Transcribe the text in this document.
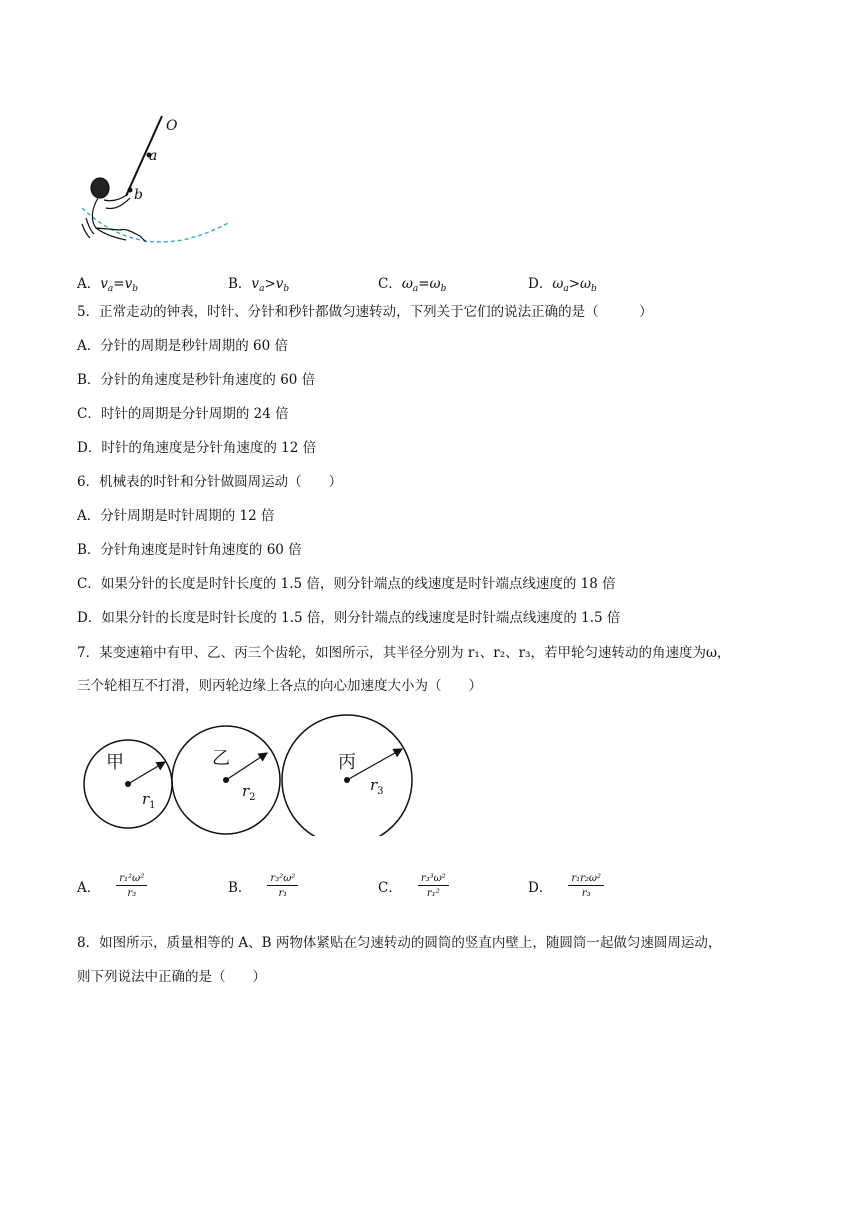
O
a
b
A．$v_a=v_b$	B．$v_a>v_b$	C．$\omega_a=\omega_b$	D．$\omega_a>\omega_b$
5．正常走动的钟表，时针、分针和秒针都做匀速转动，下列关于它们的说法正确的是（　　　）
A．分针的周期是秒针周期的 60 倍
B．分针的角速度是秒针角速度的 60 倍
C．时针的周期是分针周期的 24 倍
D．时针的角速度是分针角速度的 12 倍
6．机械表的时针和分针做圆周运动（　　）
A．分针周期是时针周期的 12 倍
B．分针角速度是时针角速度的 60 倍
C．如果分针的长度是时针长度的 1.5 倍，则分针端点的线速度是时针端点线速度的 18 倍
D．如果分针的长度是时针长度的 1.5 倍，则分针端点的线速度是时针端点线速度的 1.5 倍
7．某变速箱中有甲、乙、丙三个齿轮，如图所示，其半径分别为 r₁、r₂、r₃，若甲轮匀速转动的角速度为ω，
三个轮相互不打滑，则丙轮边缘上各点的向心加速度大小为（　　）
甲
$r_1$
乙
$r_2$
丙
$r_3$
A． $\frac{\text{r₁²ω²}}{\text{r₃}}$	B． $\frac{\text{r₃²ω²}}{\text{r₁}}$	C． $\frac{\text{r₃³ω²}}{\text{r₁²}}$	D． $\frac{\text{r₁r₂ω²}}{\text{r₃}}$
8．如图所示，质量相等的 A、B 两物体紧贴在匀速转动的圆筒的竖直内壁上，随圆筒一起做匀速圆周运动，
则下列说法中正确的是（　　）
